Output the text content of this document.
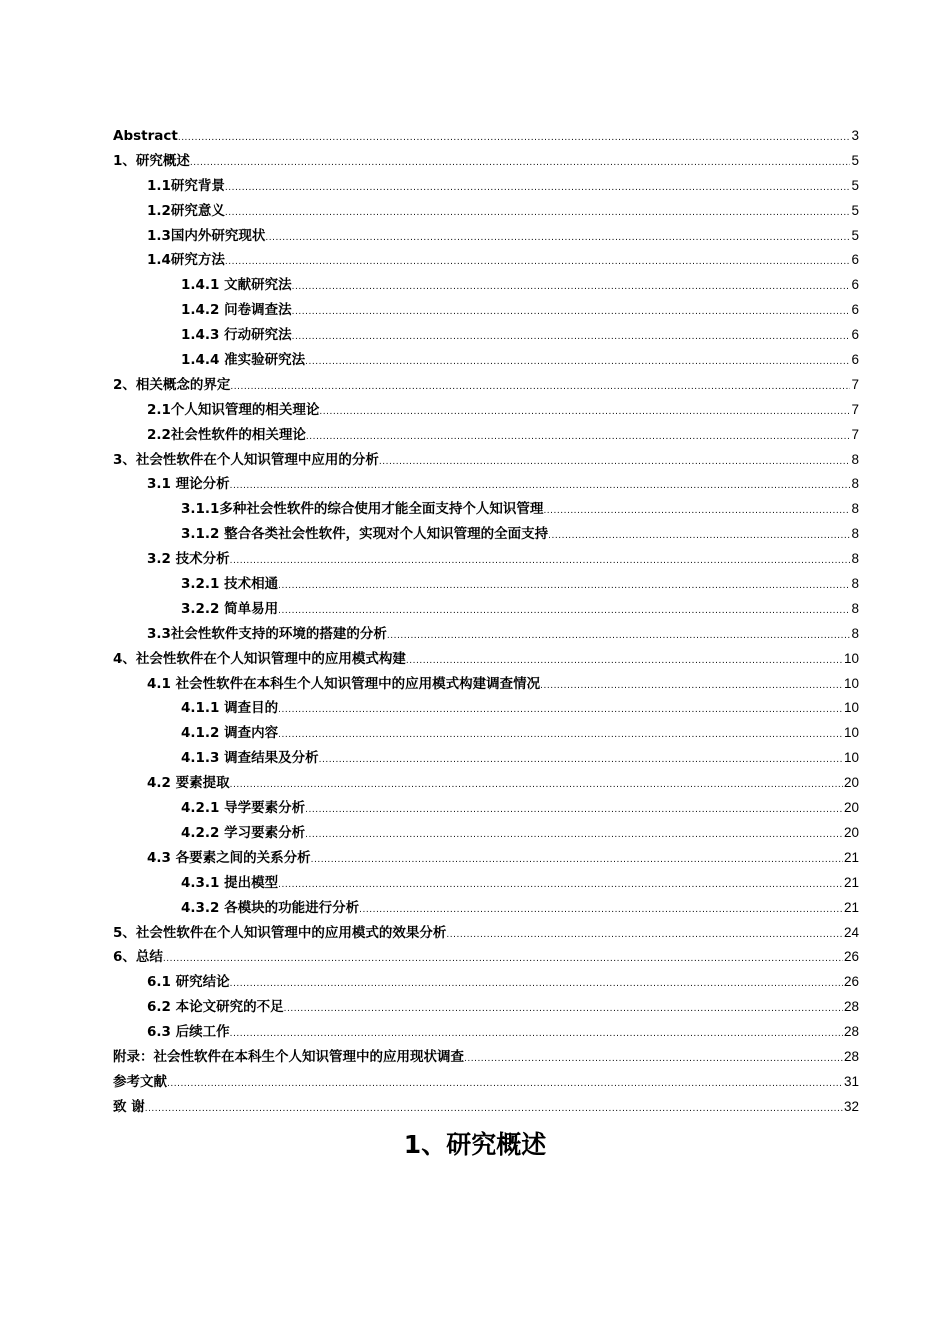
Abstract .....	3
1、研究概述 .....	5
1.1研究背景 .....	5
1.2研究意义 .....	5
1.3国内外研究现状 .....	5
1.4研究方法 .....	6
1.4.1 文献研究法 .....	6
1.4.2 问卷调查法 .....	6
1.4.3 行动研究法 .....	6
1.4.4 准实验研究法 .....	6
2、相关概念的界定 .....	7
2.1个人知识管理的相关理论 .....	7
2.2社会性软件的相关理论 .....	7
3、社会性软件在个人知识管理中应用的分析 .....	8
3.1 理论分析 .....	8
3.1.1多种社会性软件的综合使用才能全面支持个人知识管理 .....	8
3.1.2 整合各类社会性软件，实现对个人知识管理的全面支持 .....	8
3.2 技术分析 .....	8
3.2.1 技术相通 .....	8
3.2.2 简单易用 .....	8
3.3社会性软件支持的环境的搭建的分析 .....	8
4、社会性软件在个人知识管理中的应用模式构建 .....	10
4.1 社会性软件在本科生个人知识管理中的应用模式构建调查情况 .....	10
4.1.1 调查目的 .....	10
4.1.2 调查内容 .....	10
4.1.3 调查结果及分析 .....	10
4.2 要素提取 .....	20
4.2.1 导学要素分析 .....	20
4.2.2 学习要素分析 .....	20
4.3 各要素之间的关系分析 .....	21
4.3.1 提出模型 .....	21
4.3.2 各模块的功能进行分析 .....	21
5、社会性软件在个人知识管理中的应用模式的效果分析 .....	24
6、总结 .....	26
6.1 研究结论 .....	26
6.2 本论文研究的不足 .....	28
6.3 后续工作 .....	28
附录：社会性软件在本科生个人知识管理中的应用现状调查 .....	28
参考文献 .....	31
致 谢 .....	32
1、研究概述
